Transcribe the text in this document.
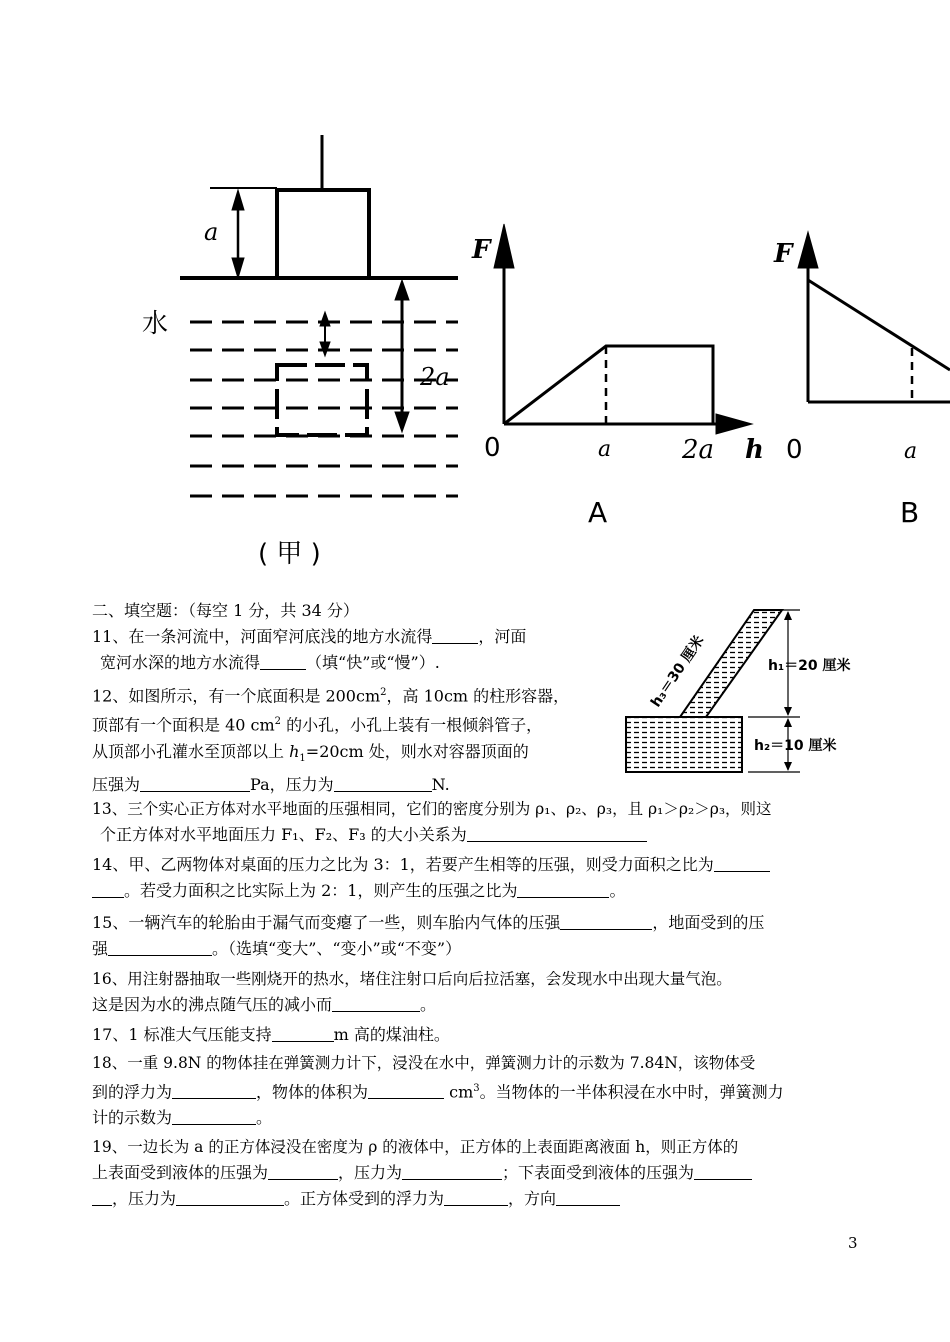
a
水
2a
( 甲 )
F
0	a	2a h
A
F
0	a
B
h₃＝30 厘米	h₁＝20 厘米
h₂＝10 厘米
二、填空题：（每空 1 分，共 34 分）
11、在一条河流中，河面窄河底浅的地方水流得	，河面
宽河水深的地方水流得	（填“快”或“慢”）.
12、如图所示，有一个底面积是 $200cm^2$，高 10cm 的柱形容器，
顶部有一个面积是 40 $cm^2$ 的小孔，小孔上装有一根倾斜管子，
从顶部小孔灌水至顶部以上 $h_1=20cm$ 处，则水对容器顶面的
压强为	Pa，压力为	N.
13、三个实心正方体对水平地面的压强相同，它们的密度分别为 ρ₁、ρ₂、ρ₃，且 ρ₁＞ρ₂＞ρ₃，则这
个正方体对水平地面压力 F₁、F₂、F₃ 的大小关系为
14、甲、乙两物体对桌面的压力之比为 3：1，若要产生相等的压强，则受力面积之比为
。若受力面积之比实际上为 2：1，则产生的压强之比为	。
15、一辆汽车的轮胎由于漏气而变瘪了一些，则车胎内气体的压强	，地面受到的压
强	。（选填“变大”、“变小”或“不变”）
16、用注射器抽取一些刚烧开的热水，堵住注射口后向后拉活塞，会发现水中出现大量气泡。
这是因为水的沸点随气压的减小而	。
17、1 标准大气压能支持	m 高的煤油柱。
18、一重 9.8N 的物体挂在弹簧测力计下，浸没在水中，弹簧测力计的示数为 7.84N，该物体受
到的浮力为	，物体的体积为	$cm^3$。当物体的一半体积浸在水中时，弹簧测力
计的示数为	。
19、一边长为 a 的正方体浸没在密度为 ρ 的液体中，正方体的上表面距离液面 h，则正方体的
上表面受到液体的压强为	，压力为	；下表面受到液体的压强为
，压力为	。正方体受到的浮力为	，方向
3
